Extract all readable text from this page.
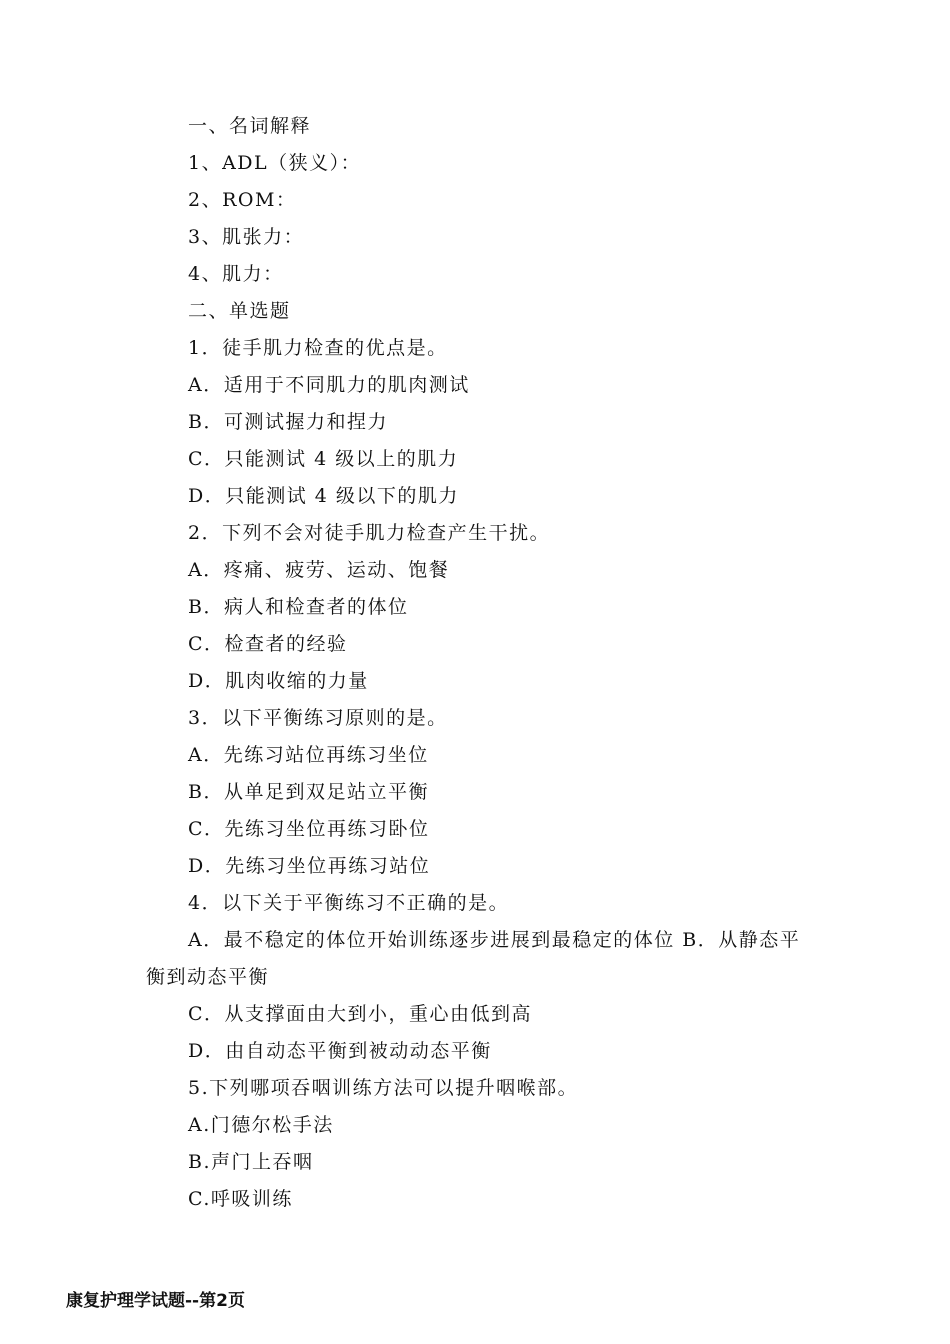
一、名词解释
1、ADL（狭义）：
2、ROM：
3、肌张力：
4、肌力：
二、单选题
1．徒手肌力检查的优点是。
A．适用于不同肌力的肌肉测试
B．可测试握力和捏力
C．只能测试 4 级以上的肌力
D．只能测试 4 级以下的肌力
2．下列不会对徒手肌力检查产生干扰。
A．疼痛、疲劳、运动、饱餐
B．病人和检查者的体位
C．检查者的经验
D．肌肉收缩的力量
3．以下平衡练习原则的是。
A．先练习站位再练习坐位
B．从单足到双足站立平衡
C．先练习坐位再练习卧位
D．先练习坐位再练习站位
4．以下关于平衡练习不正确的是。
A．最不稳定的体位开始训练逐步进展到最稳定的体位 B．从静态平衡到动态平衡
C．从支撑面由大到小，重心由低到高
D．由自动态平衡到被动动态平衡
5.下列哪项吞咽训练方法可以提升咽喉部。
A.门德尔松手法
B.声门上吞咽
C.呼吸训练
康复护理学试题--第2页
